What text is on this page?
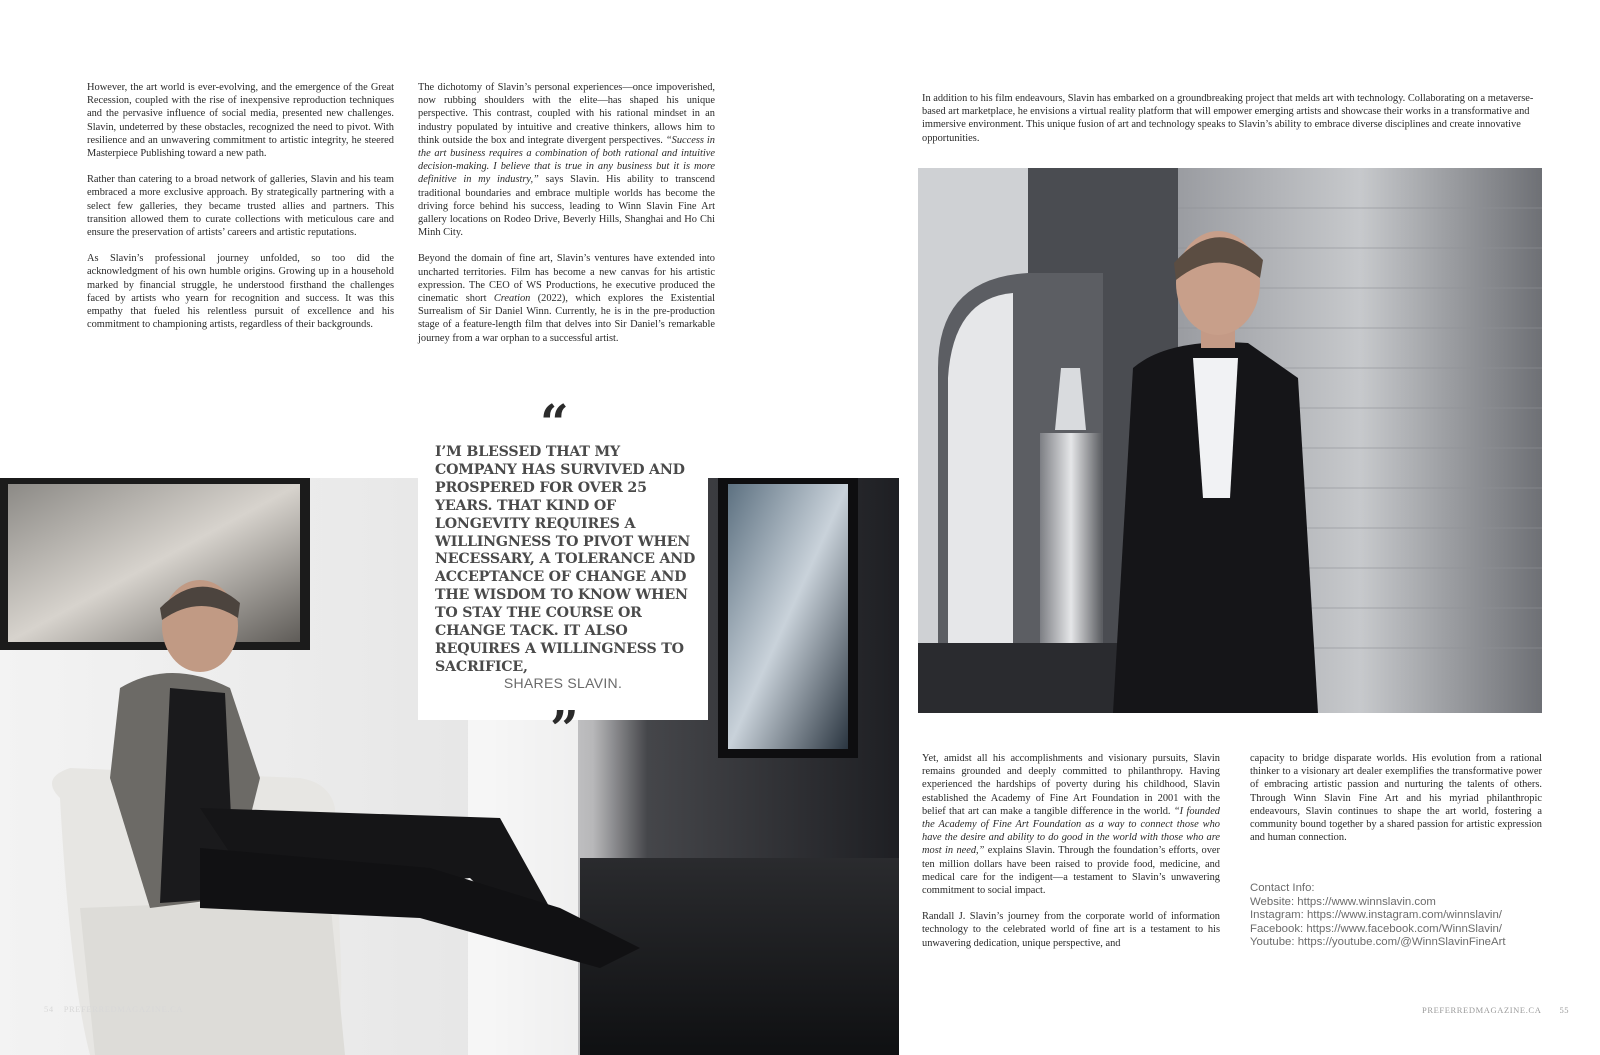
However, the art world is ever-evolving, and the emergence of the Great Recession, coupled with the rise of inexpensive reproduction techniques and the pervasive influence of social media, presented new challenges. Slavin, undeterred by these obstacles, recognized the need to pivot. With resilience and an unwavering commitment to artistic integrity, he steered Masterpiece Publishing toward a new path.

Rather than catering to a broad network of galleries, Slavin and his team embraced a more exclusive approach. By strategically partnering with a select few galleries, they became trusted allies and partners. This transition allowed them to curate collections with meticulous care and ensure the preservation of artists’ careers and artistic reputations.

As Slavin’s professional journey unfolded, so too did the acknowledgment of his own humble origins. Growing up in a household marked by financial struggle, he understood firsthand the challenges faced by artists who yearn for recognition and success. It was this empathy that fueled his relentless pursuit of excellence and his commitment to championing artists, regardless of their backgrounds.

The dichotomy of Slavin’s personal experiences—once impoverished, now rubbing shoulders with the elite—has shaped his unique perspective. This contrast, coupled with his rational mindset in an industry populated by intuitive and creative thinkers, allows him to think outside the box and integrate divergent perspectives. “Success in the art business requires a combination of both rational and intuitive decision-making. I believe that is true in any business but it is more definitive in my industry,” says Slavin. His ability to transcend traditional boundaries and embrace multiple worlds has become the driving force behind his success, leading to Winn Slavin Fine Art gallery locations on Rodeo Drive, Beverly Hills, Shanghai and Ho Chi Minh City.

Beyond the domain of fine art, Slavin’s ventures have extended into uncharted territories. Film has become a new canvas for his artistic expression. The CEO of WS Productions, he executive produced the cinematic short Creation (2022), which explores the Existential Surrealism of Sir Daniel Winn. Currently, he is in the pre-production stage of a feature-length film that delves into Sir Daniel’s remarkable journey from a war orphan to a successful artist.

“
I’M BLESSED THAT MY COMPANY HAS SURVIVED AND PROSPERED FOR OVER 25 YEARS. THAT KIND OF LONGEVITY REQUIRES A WILLINGNESS TO PIVOT WHEN NECESSARY, A TOLERANCE AND ACCEPTANCE OF CHANGE AND THE WISDOM TO KNOW WHEN TO STAY THE COURSE OR CHANGE TACK. IT ALSO REQUIRES A WILLINGNESS TO SACRIFICE,
SHARES SLAVIN.
”
54 PREFERREDMAGAZINE.CA

In addition to his film endeavours, Slavin has embarked on a groundbreaking project that melds art with technology. Collaborating on a metaverse-based art marketplace, he envisions a virtual reality platform that will empower emerging artists and showcase their works in a transformative and immersive environment. This unique fusion of art and technology speaks to Slavin’s ability to embrace diverse disciplines and create innovative opportunities.

Yet, amidst all his accomplishments and visionary pursuits, Slavin remains grounded and deeply committed to philanthropy. Having experienced the hardships of poverty during his childhood, Slavin established the Academy of Fine Art Foundation in 2001 with the belief that art can make a tangible difference in the world. “I founded the Academy of Fine Art Foundation as a way to connect those who have the desire and ability to do good in the world with those who are most in need,” explains Slavin. Through the foundation’s efforts, over ten million dollars have been raised to provide food, medicine, and medical care for the indigent—a testament to Slavin’s unwavering commitment to social impact.

Randall J. Slavin’s journey from the corporate world of information technology to the celebrated world of fine art is a testament to his unwavering dedication, unique perspective, and

capacity to bridge disparate worlds. His evolution from a rational thinker to a visionary art dealer exemplifies the transformative power of embracing artistic passion and nurturing the talents of others. Through Winn Slavin Fine Art and his myriad philanthropic endeavours, Slavin continues to shape the art world, fostering a community bound together by a shared passion for artistic expression and human connection.

Contact Info:
Website: https://www.winnslavin.com
Instagram: https://www.instagram.com/winnslavin/
Facebook: https://www.facebook.com/WinnSlavin/
Youtube: https://youtube.com/@WinnSlavinFineArt
PREFERREDMAGAZINE.CA 55
